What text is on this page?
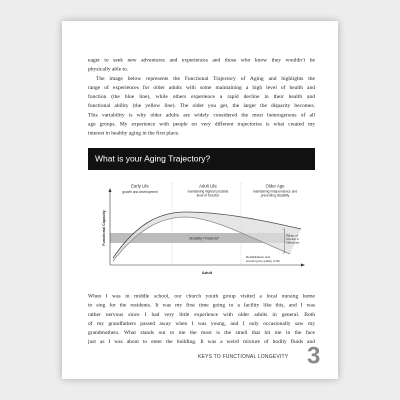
eager to seek new adventures and experiences and those who know they wouldn’t be
physically able to.
The image below represents the Functional Trajectory of Aging and highlights the
range of experiences for older adults with some maintaining a high level of health and
function (the blue line), while others experience a rapid decline in their health and
functional ability (the yellow line). The older you get, the larger the disparity becomes.
This variability is why older adults are widely considered the most heterogenous of all
age groups. My experience with people on very different trajectories is what created my
interest in healthy aging in the first place.
What is your Aging Trajectory?
Early Life
growth and development
Adult Life
maintaining highest possible
level of function
Older Age
maintaining independence and
preventing disability
Disability Threshold*
Range of
function in
individuals
Rehabilitation and
ensuring the quality of life
Functional Capacity
Adult
When I was in middle school, our church youth group visited a local nursing home
to sing for the residents. It was my first time going to a facility like this, and I was
rather nervous since I had very little experience with older adults in general. Both
of my grandfathers passed away when I was young, and I only occasionally saw my
grandmothers. What stands out to me the most is the smell that hit me in the face
just as I was about to enter the building. It was a weird mixture of bodily fluids and
KEYS TO FUNCTIONAL LONGEVITY 3
